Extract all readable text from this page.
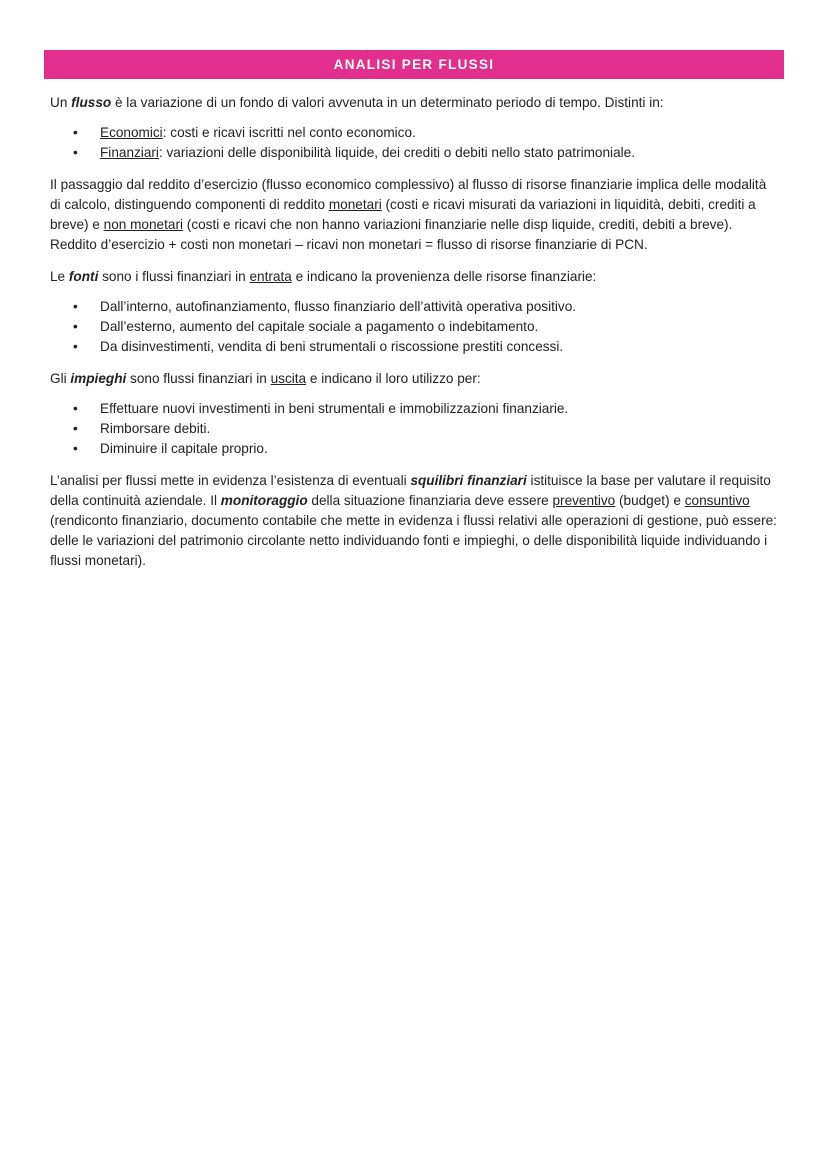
ANALISI PER FLUSSI

Un flusso è la variazione di un fondo di valori avvenuta in un determinato periodo di tempo. Distinti in:

• Economici: costi e ricavi iscritti nel conto economico.
• Finanziari: variazioni delle disponibilità liquide, dei crediti o debiti nello stato patrimoniale.

Il passaggio dal reddito d’esercizio (flusso economico complessivo) al flusso di risorse finanziarie implica delle modalità di calcolo, distinguendo componenti di reddito monetari (costi e ricavi misurati da variazioni in liquidità, debiti, crediti a breve) e non monetari (costi e ricavi che non hanno variazioni finanziarie nelle disp liquide, crediti, debiti a breve). Reddito d’esercizio + costi non monetari – ricavi non monetari = flusso di risorse finanziarie di PCN.

Le fonti sono i flussi finanziari in entrata e indicano la provenienza delle risorse finanziarie:

• Dall’interno, autofinanziamento, flusso finanziario dell’attività operativa positivo.
• Dall’esterno, aumento del capitale sociale a pagamento o indebitamento.
• Da disinvestimenti, vendita di beni strumentali o riscossione prestiti concessi.

Gli impieghi sono flussi finanziari in uscita e indicano il loro utilizzo per:

• Effettuare nuovi investimenti in beni strumentali e immobilizzazioni finanziarie.
• Rimborsare debiti.
• Diminuire il capitale proprio.

L’analisi per flussi mette in evidenza l’esistenza di eventuali squilibri finanziari istituisce la base per valutare il requisito della continuità aziendale. Il monitoraggio della situazione finanziaria deve essere preventivo (budget) e consuntivo (rendiconto finanziario, documento contabile che mette in evidenza i flussi relativi alle operazioni di gestione, può essere: delle le variazioni del patrimonio circolante netto individuando fonti e impieghi, o delle disponibilità liquide individuando i flussi monetari).
